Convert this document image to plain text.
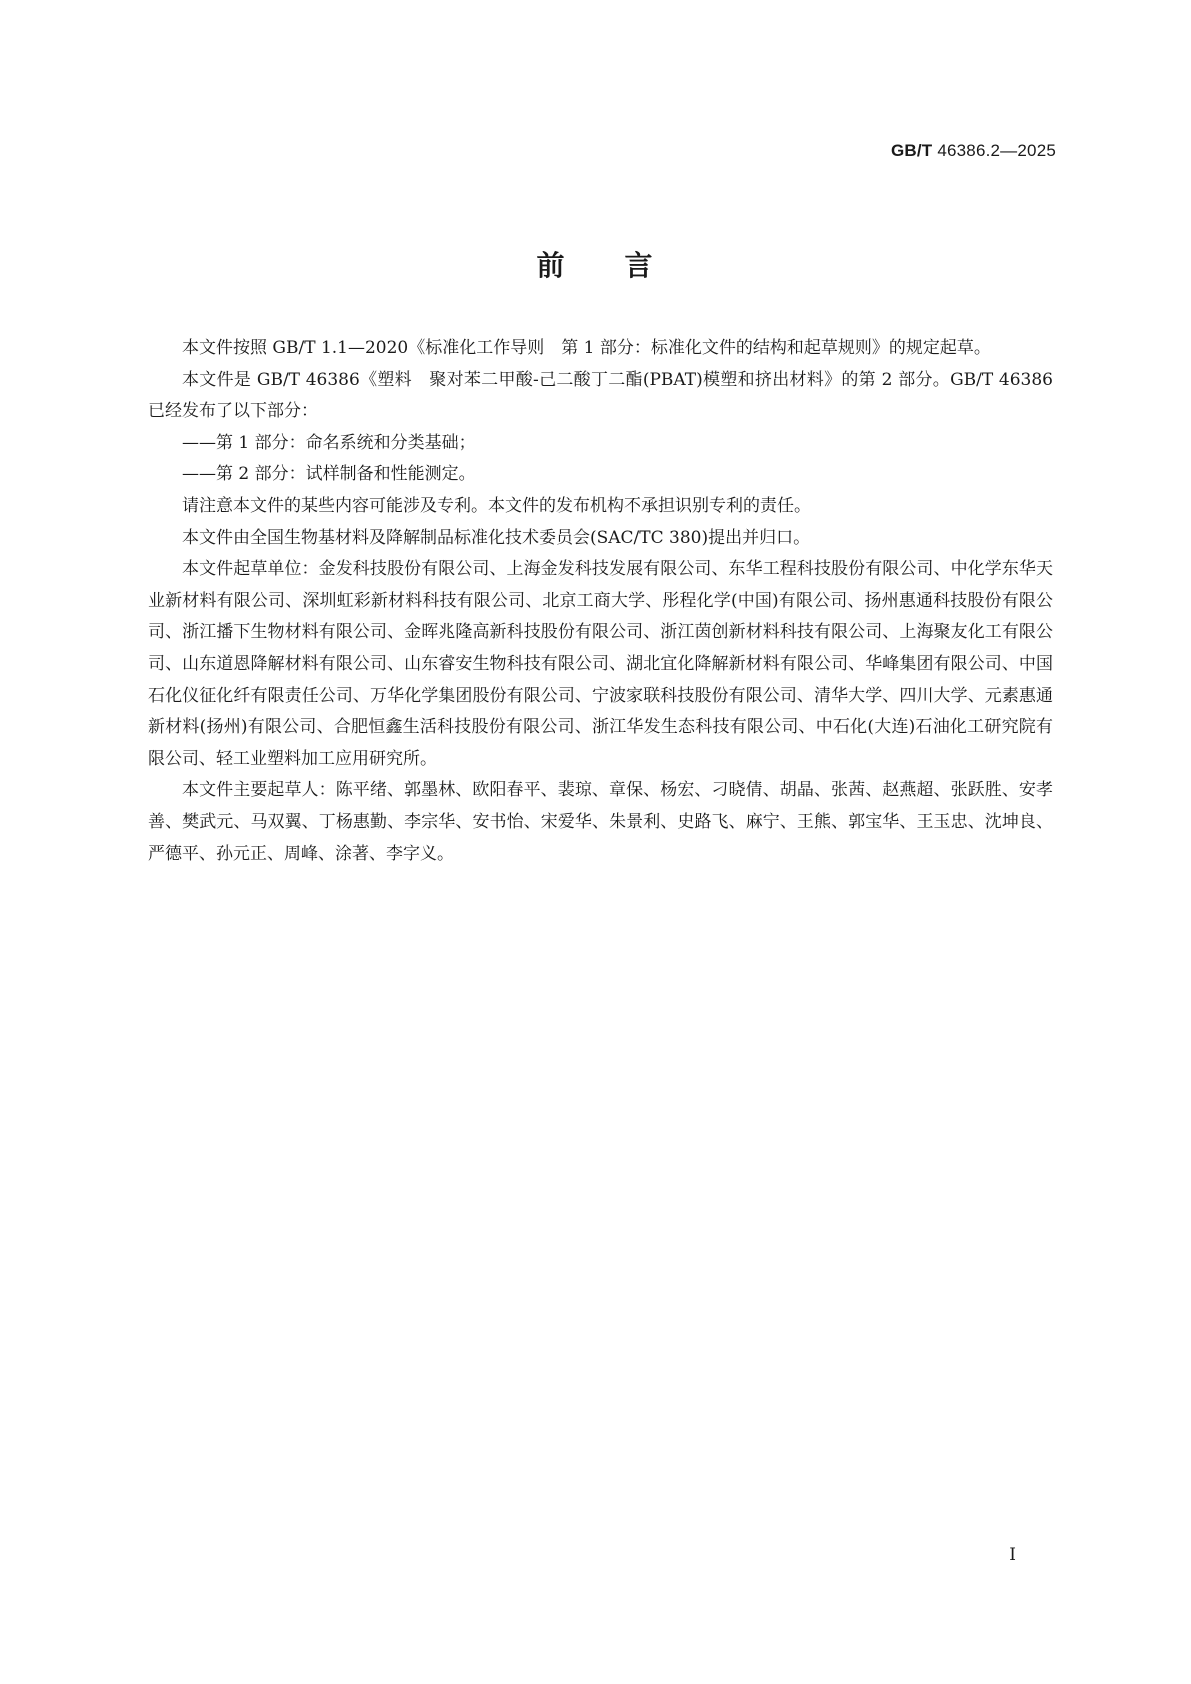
GB/T 46386.2—2025
前 言

本文件按照 GB/T 1.1—2020《标准化工作导则　第 1 部分：标准化文件的结构和起草规则》的规定起草。

本文件是 GB/T 46386《塑料　聚对苯二甲酸-己二酸丁二酯(PBAT)模塑和挤出材料》的第 2 部分。GB/T 46386 已经发布了以下部分：

——第 1 部分：命名系统和分类基础；

——第 2 部分：试样制备和性能测定。

请注意本文件的某些内容可能涉及专利。本文件的发布机构不承担识别专利的责任。

本文件由全国生物基材料及降解制品标准化技术委员会(SAC/TC 380)提出并归口。

本文件起草单位：金发科技股份有限公司、上海金发科技发展有限公司、东华工程科技股份有限公司、中化学东华天业新材料有限公司、深圳虹彩新材料科技有限公司、北京工商大学、彤程化学(中国)有限公司、扬州惠通科技股份有限公司、浙江播下生物材料有限公司、金晖兆隆高新科技股份有限公司、浙江茵创新材料科技有限公司、上海聚友化工有限公司、山东道恩降解材料有限公司、山东睿安生物科技有限公司、湖北宜化降解新材料有限公司、华峰集团有限公司、中国石化仪征化纤有限责任公司、万华化学集团股份有限公司、宁波家联科技股份有限公司、清华大学、四川大学、元素惠通新材料(扬州)有限公司、合肥恒鑫生活科技股份有限公司、浙江华发生态科技有限公司、中石化(大连)石油化工研究院有限公司、轻工业塑料加工应用研究所。

本文件主要起草人：陈平绪、郭墨林、欧阳春平、裴琼、章保、杨宏、刁晓倩、胡晶、张茜、赵燕超、张跃胜、安孝善、樊武元、马双翼、丁杨惠勤、李宗华、安书怡、宋爱华、朱景利、史路飞、麻宁、王熊、郭宝华、王玉忠、沈坤良、严德平、孙元正、周峰、涂著、李字义。

I
